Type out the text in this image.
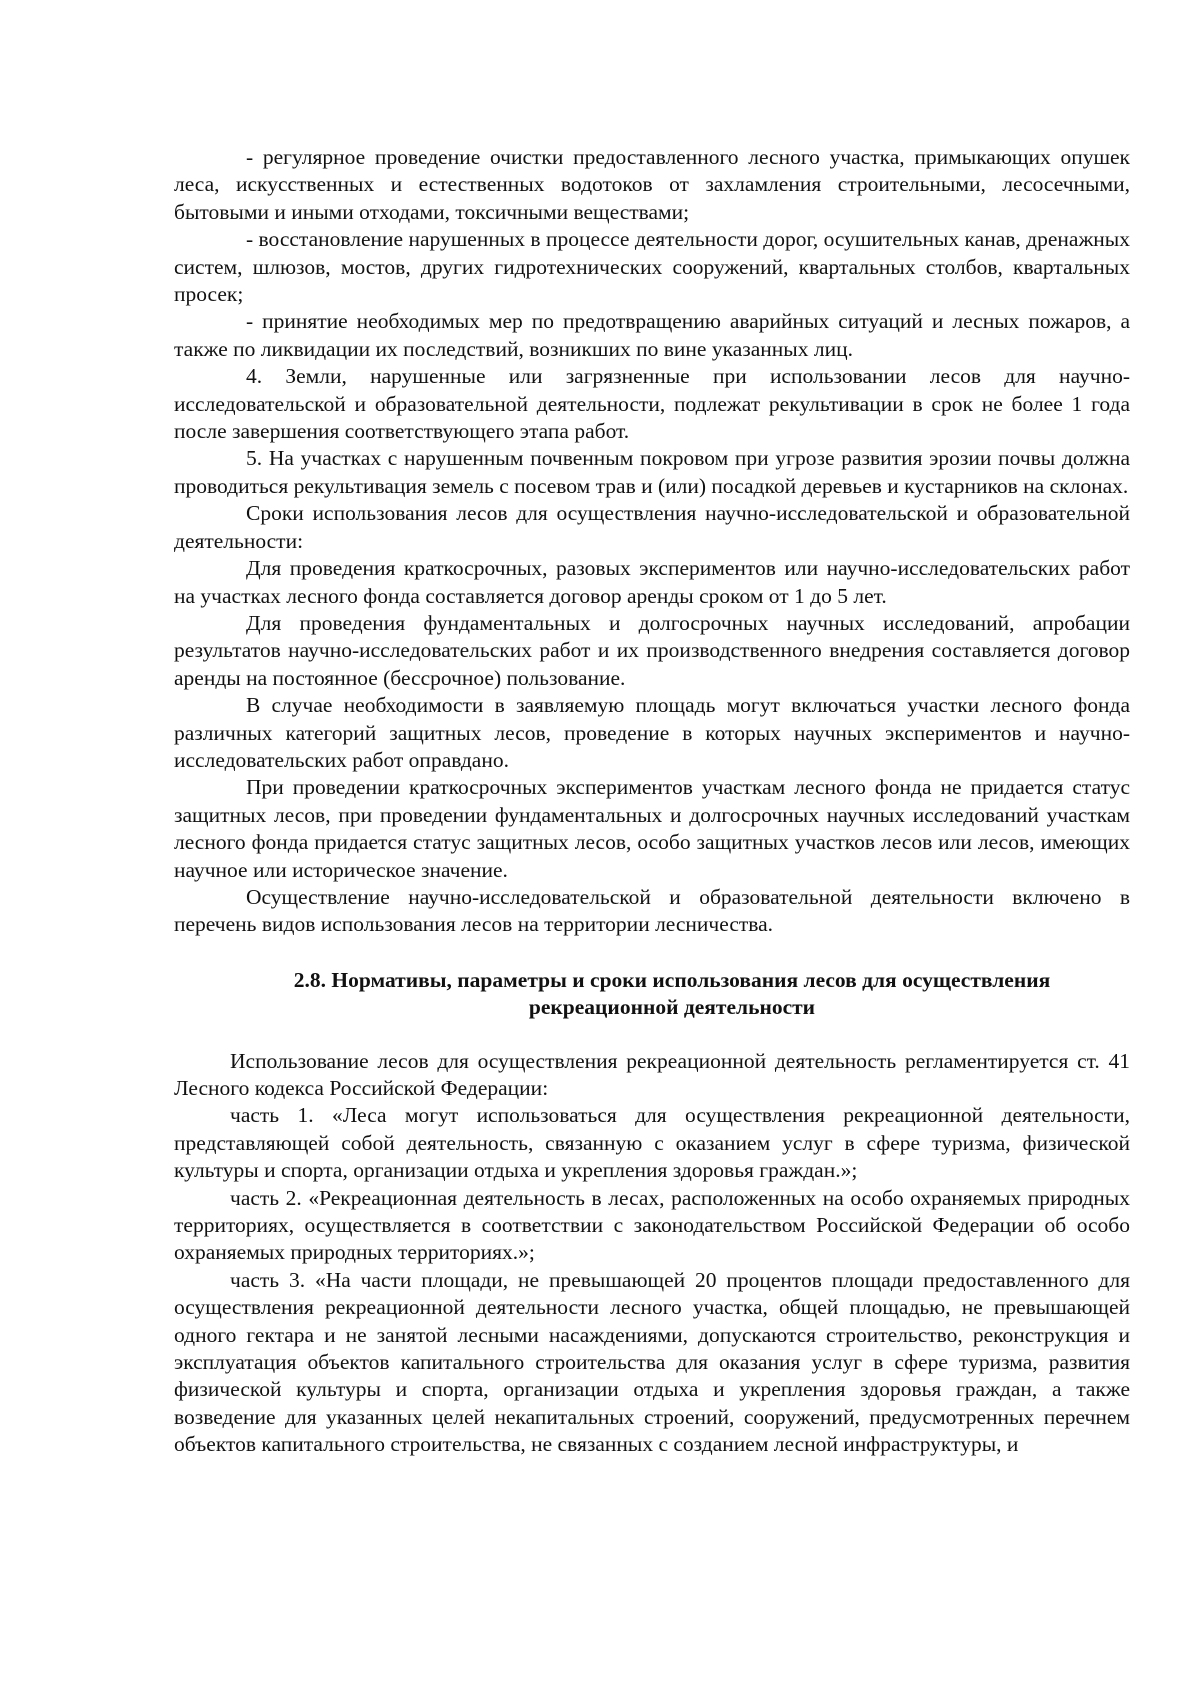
- регулярное проведение очистки предоставленного лесного участка, примыкающих опушек леса, искусственных и естественных водотоков от захламления строительными, лесосечными, бытовыми и иными отходами, токсичными веществами;

- восстановление нарушенных в процессе деятельности дорог, осушительных канав, дренажных систем, шлюзов, мостов, других гидротехнических сооружений, квартальных столбов, квартальных просек;

- принятие необходимых мер по предотвращению аварийных ситуаций и лесных пожаров, а также по ликвидации их последствий, возникших по вине указанных лиц.

4. Земли, нарушенные или загрязненные при использовании лесов для научно-исследовательской и образовательной деятельности, подлежат рекультивации в срок не более 1 года после завершения соответствующего этапа работ.

5. На участках с нарушенным почвенным покровом при угрозе развития эрозии почвы должна проводиться рекультивация земель с посевом трав и (или) посадкой деревьев и кустарников на склонах.

Сроки использования лесов для осуществления научно-исследовательской и образовательной деятельности:

Для проведения краткосрочных, разовых экспериментов или научно-исследовательских работ на участках лесного фонда составляется договор аренды сроком от 1 до 5 лет.

Для проведения фундаментальных и долгосрочных научных исследований, апробации результатов научно-исследовательских работ и их производственного внедрения составляется договор аренды на постоянное (бессрочное) пользование.

В случае необходимости в заявляемую площадь могут включаться участки лесного фонда различных категорий защитных лесов, проведение в которых научных экспериментов и научно-исследовательских работ оправдано.

При проведении краткосрочных экспериментов участкам лесного фонда не придается статус защитных лесов, при проведении фундаментальных и долгосрочных научных исследований участкам лесного фонда придается статус защитных лесов, особо защитных участков лесов или лесов, имеющих научное или историческое значение.

Осуществление научно-исследовательской и образовательной деятельности включено в перечень видов использования лесов на территории лесничества.

2.8. Нормативы, параметры и сроки использования лесов для осуществления

рекреационной деятельности

Использование лесов для осуществления рекреационной деятельность регламентируется ст. 41 Лесного кодекса Российской Федерации:

часть 1. «Леса могут использоваться для осуществления рекреационной деятельности, представляющей собой деятельность, связанную с оказанием услуг в сфере туризма, физической культуры и спорта, организации отдыха и укрепления здоровья граждан.»;

часть 2. «Рекреационная деятельность в лесах, расположенных на особо охраняемых природных территориях, осуществляется в соответствии с законодательством Российской Федерации об особо охраняемых природных территориях.»;

часть 3. «На части площади, не превышающей 20 процентов площади предоставленного для осуществления рекреационной деятельности лесного участка, общей площадью, не превышающей одного гектара и не занятой лесными насаждениями, допускаются строительство, реконструкция и эксплуатация объектов капитального строительства для оказания услуг в сфере туризма, развития физической культуры и спорта, организации отдыха и укрепления здоровья граждан, а также возведение для указанных целей некапитальных строений, сооружений, предусмотренных перечнем объектов капитального строительства, не связанных с созданием лесной инфраструктуры, и
